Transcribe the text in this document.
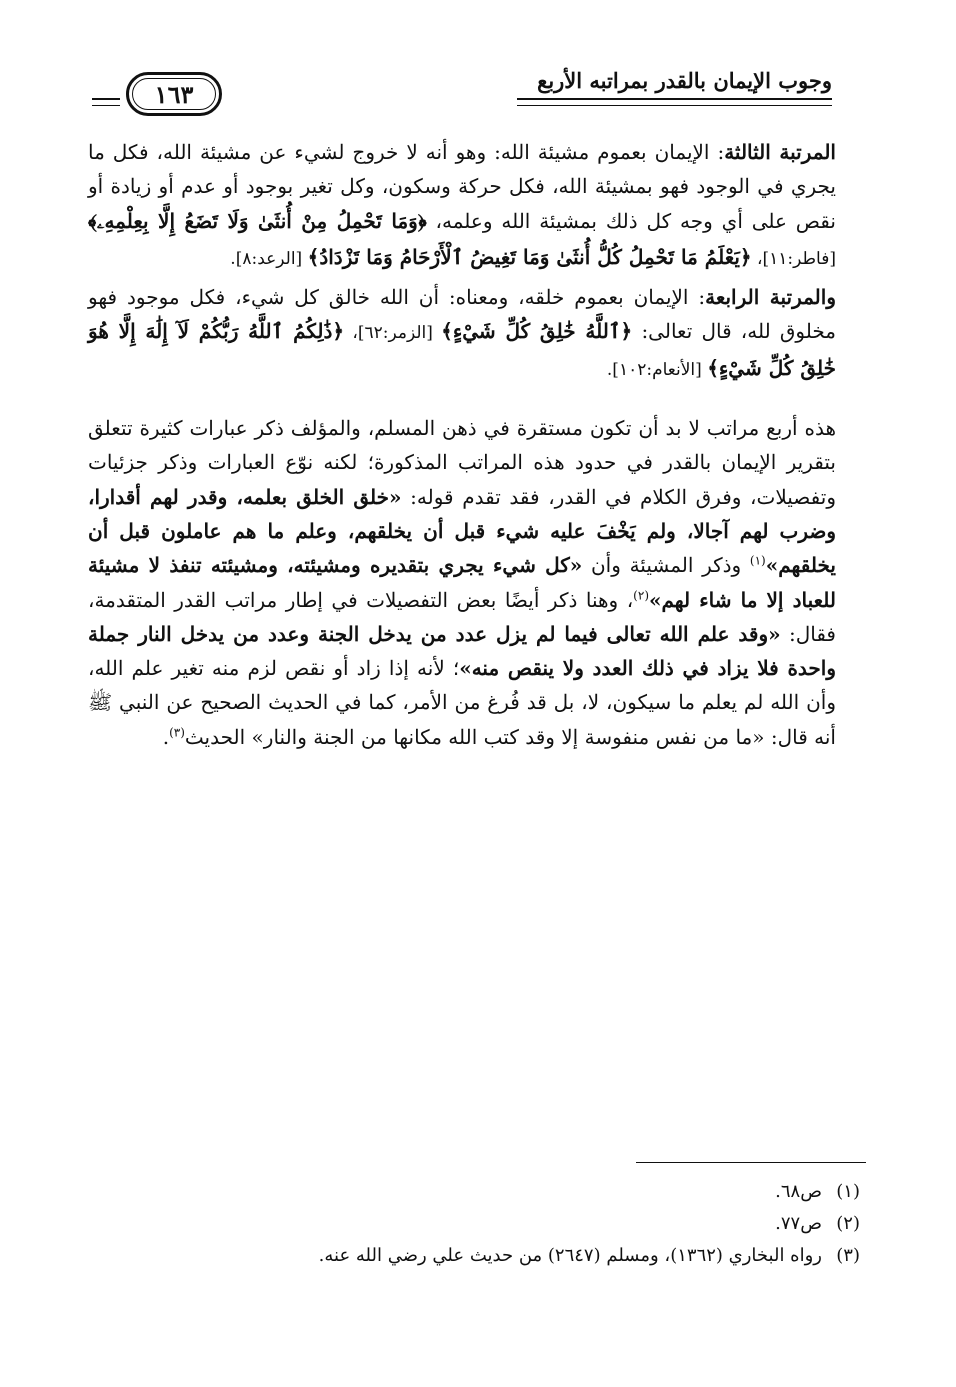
وجوب الإيمان بالقدر بمراتبه الأربع
١٦٣

المرتبة الثالثة: الإيمان بعموم مشيئة الله: وهو أنه لا خروج لشيء عن مشيئة الله، فكل ما يجري في الوجود فهو بمشيئة الله، فكل حركة وسكون، وكل تغير بوجود أو عدم أو زيادة أو نقص على أي وجه كل ذلك بمشيئة الله وعلمه، ﴿وَمَا تَحْمِلُ مِنْ أُنثَىٰ وَلَا تَضَعُ إِلَّا بِعِلْمِهِۦ﴾ [فاطر:١١]، ﴿يَعْلَمُ مَا تَحْمِلُ كُلُّ أُنثَىٰ وَمَا تَغِيضُ ٱلْأَرْحَامُ وَمَا تَزْدَادُ﴾ [الرعد:٨].

والمرتبة الرابعة: الإيمان بعموم خلقه، ومعناه: أن الله خالق كل شيء، فكل موجود فهو مخلوق لله، قال تعالى: ﴿ٱللَّهُ خَٰلِقُ كُلِّ شَيْءٍ﴾ [الزمر:٦٢]، ﴿ذَٰلِكُمُ ٱللَّهُ رَبُّكُمْ لَآ إِلَٰهَ إِلَّا هُوَ خَٰلِقُ كُلِّ شَيْءٍ﴾ [الأنعام:١٠٢].

هذه أربع مراتب لا بد أن تكون مستقرة في ذهن المسلم، والمؤلف ذكر عبارات كثيرة تتعلق بتقرير الإيمان بالقدر في حدود هذه المراتب المذكورة؛ لكنه نوّع العبارات وذكر جزئيات وتفصيلات، وفرق الكلام في القدر، فقد تقدم قوله: «خلق الخلق بعلمه، وقدر لهم أقدارا، وضرب لهم آجالا، ولم يَخْفَ عليه شيء قبل أن يخلقهم، وعلم ما هم عاملون قبل أن يخلقهم»$^{(١)}$ وذكر المشيئة وأن «كل شيء يجري بتقديره ومشيئته، ومشيئته تنفذ لا مشيئة للعباد إلا ما شاء لهم»$^{(٢)}$، وهنا ذكر أيضًا بعض التفصيلات في إطار مراتب القدر المتقدمة، فقال: «وقد علم الله تعالى فيما لم يزل عدد من يدخل الجنة وعدد من يدخل النار جملة واحدة فلا يزاد في ذلك العدد ولا ينقص منه»؛ لأنه إذا زاد أو نقص لزم منه تغير علم الله، وأن الله لم يعلم ما سيكون، لا، بل قد فُرغ من الأمر، كما في الحديث الصحيح عن النبي ﷺ أنه قال: «ما من نفس منفوسة إلا وقد كتب الله مكانها من الجنة والنار» الحديث$^{(٣)}$.

(١)ص٦٨.
(٢)ص٧٧.
(٣)رواه البخاري (١٣٦٢)، ومسلم (٢٦٤٧) من حديث علي رضي الله عنه.
